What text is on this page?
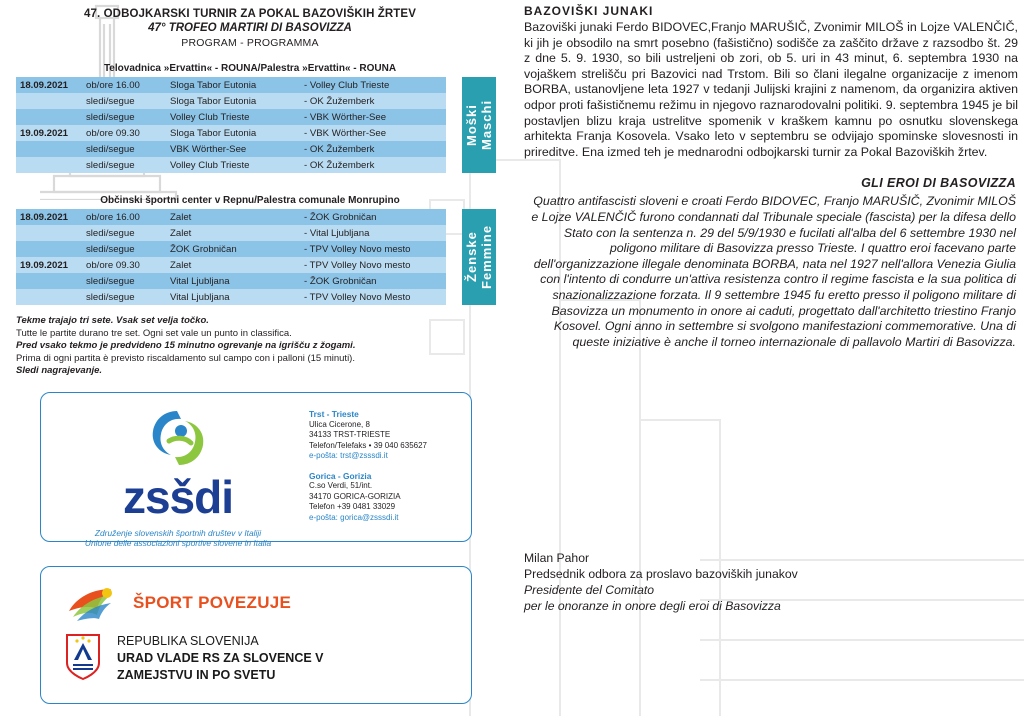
47. ODBOJKARSKI TURNIR ZA POKAL BAZOVIŠKIH ŽRTEV
47° TROFEO MARTIRI DI BASOVIZZA
PROGRAM - PROGRAMMA
Telovadnica »Ervattin« - ROUNA/Palestra »Ervattin« - ROUNA
18.09.2021	ob/ore 16.00	Sloga Tabor Eutonia	- Volley Club Trieste
	sledi/segue	Sloga Tabor Eutonia	- OK Žužemberk
	sledi/segue	Volley Club Trieste	- VBK Wörther-See
19.09.2021	ob/ore 09.30	Sloga Tabor Eutonia	- VBK Wörther-See
	sledi/segue	VBK Wörther-See	- OK Žužemberk
	sledi/segue	Volley Club Trieste	- OK Žužemberk
Moški Maschi
Občinski športni center v Repnu/Palestra comunale Monrupino
18.09.2021	ob/ore 16.00	Zalet	- ŽOK Grobničan
	sledi/segue	Zalet	- Vital Ljubljana
	sledi/segue	ŽOK Grobničan	- TPV Volley Novo mesto
19.09.2021	ob/ore 09.30	Zalet	- TPV Volley Novo mesto
	sledi/segue	Vital Ljubljana	- ŽOK Grobničan
	sledi/segue	Vital Ljubljana	- TPV Volley Novo Mesto
Ženske Femmine
Tekme trajajo tri sete. Vsak set velja točko.
Tutte le partite durano tre set. Ogni set vale un punto in classifica.
Pred vsako tekmo je predvideno 15 minutno ogrevanje na igrišču z žogami.
Prima di ogni partita è previsto riscaldamento sul campo con i palloni (15 minuti).
Sledi nagrajevanje.
zsšdi
Združenje slovenskih športnih društev v Italiji
Unione delle associazioni sportive slovene in Italia
Trst - Trieste
Ulica Cicerone, 8
34133 TRST-TRIESTE
Telefon/Telefaks • 39 040 635627
e-pošta: trst@zsssdi.it
Gorica - Gorizia
C.so Verdi, 51/int.
34170 GORICA-GORIZIA
Telefon +39 0481 33029
e-pošta: gorica@zsssdi.it
ŠPORT POVEZUJE
REPUBLIKA SLOVENIJA
URAD VLADE RS ZA SLOVENCE V
ZAMEJSTVU IN PO SVETU
BAZOVIŠKI JUNAKI
Bazoviški junaki Ferdo BIDOVEC,Franjo MARUŠIČ, Zvonimir MILOŠ in Lojze VALENČIČ, ki jih je obsodilo na smrt posebno (fašistično) sodišče za zaščito države z razsodbo št. 29 z dne 5. 9. 1930, so bili ustreljeni ob zori, ob 5. uri in 43 minut, 6. septembra 1930 na vojaškem strelišču pri Bazovici nad Trstom. Bili so člani ilegalne organizacije z imenom BORBA, ustanovljene leta 1927 v tedanji Julijski krajini z namenom, da organizira aktiven odpor proti fašističnemu režimu in njegovo raznarodovalni politiki. 9. septembra 1945 je bil postavljen blizu kraja ustrelitve spomenik v kraškem kamnu po osnutku slovenskega arhitekta Franja Kosovela. Vsako leto v septembru se odvijajo spominske slovesnosti in prireditve. Ena izmed teh je mednarodni odbojkarski turnir za Pokal Bazoviških žrtev.
GLI EROI DI BASOVIZZA
Quattro antifascisti sloveni e croati Ferdo BIDOVEC, Franjo MARUŠIČ, Zvonimir MILOŠ e Lojze VALENČIČ furono condannati dal Tribunale speciale (fascista) per la difesa dello Stato con la sentenza n. 29 del 5/9/1930 e fucilati all'alba del 6 settembre 1930 nel poligono militare di Basovizza presso Trieste. I quattro eroi facevano parte dell'organizzazione illegale denominata BORBA, nata nel 1927 nell'allora Venezia Giulia con l'intento di condurre un'attiva resistenza contro il regime fascista e la sua politica di snazionalizzazione forzata. Il 9 settembre 1945 fu eretto presso il poligono militare di Basovizza un monumento in onore ai caduti, progettato dall'architetto triestino Franjo Kosovel. Ogni anno in settembre si svolgono manifestazioni commemorative. Una di queste iniziative è anche il torneo internazionale di pallavolo Martiri di Basovizza.
Milan Pahor
Predsednik odbora za proslavo bazoviških junakov
Presidente del Comitato
per le onoranze in onore degli eroi di Basovizza
